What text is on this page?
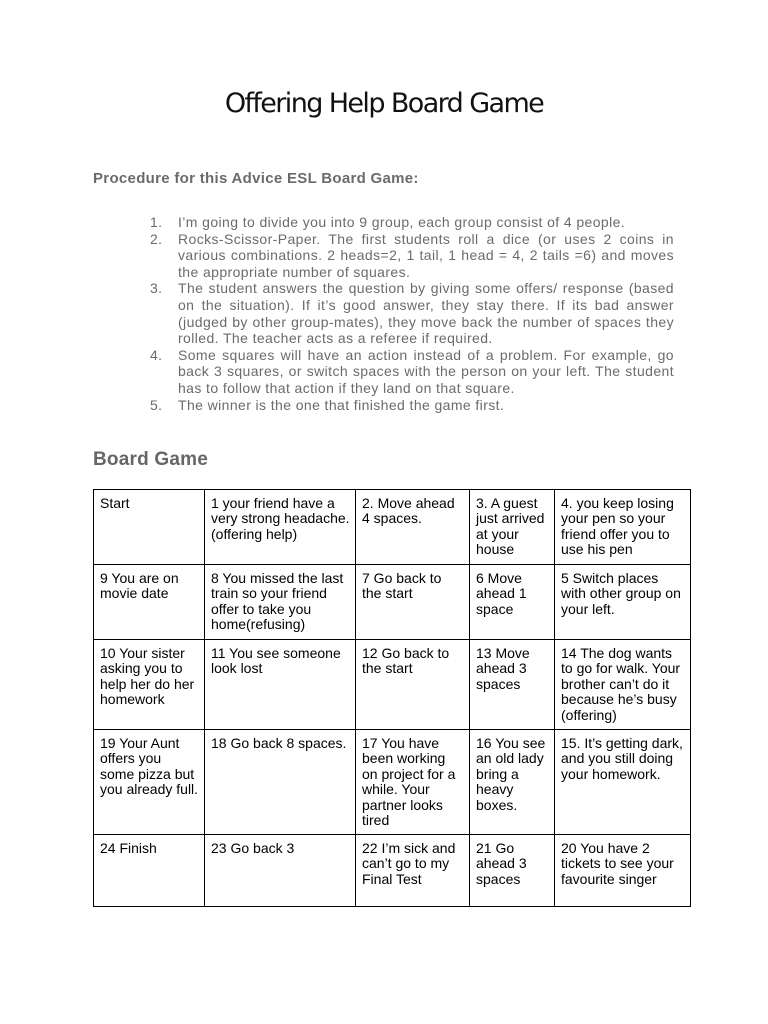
Offering Help Board Game
Procedure for this Advice ESL Board Game:
1.	I’m going to divide you into 9 group, each group consist of 4 people.
2.	Rocks-Scissor-Paper. The first students roll a dice (or uses 2 coins in various combinations. 2 heads=2, 1 tail, 1 head = 4, 2 tails =6) and moves the appropriate number of squares.
3.	The student answers the question by giving some offers/ response (based on the situation). If it’s good answer, they stay there. If its bad answer (judged by other group-mates), they move back the number of spaces they rolled. The teacher acts as a referee if required.
4.	Some squares will have an action instead of a problem. For example, go back 3 squares, or switch spaces with the person on your left. The student has to follow that action if they land on that square.
5.	The winner is the one that finished the game first.
Board Game
Start	1 your friend have a very strong headache. (offering help)	2. Move ahead 4 spaces.	3. A guest just arrived at your house	4. you keep losing your pen so your friend offer you to use his pen
9 You are on movie date	8 You missed the last train so your friend offer to take you home(refusing)	7 Go back to the start	6 Move ahead 1 space	5 Switch places with other group on your left.
10 Your sister asking you to help her do her homework	11 You see someone look lost	12 Go back to the start	13 Move ahead 3 spaces	14 The dog wants to go for walk. Your brother can’t do it because he’s busy (offering)
19 Your Aunt offers you some pizza but you already full.	18 Go back 8 spaces.	17 You have been working on project for a while. Your partner looks tired	16 You see an old lady bring a heavy boxes.	15. It’s getting dark, and you still doing your homework.
24 Finish	23 Go back 3	22 I’m sick and can’t go to my Final Test	21 Go ahead 3 spaces	20 You have 2 tickets to see your favourite singer
